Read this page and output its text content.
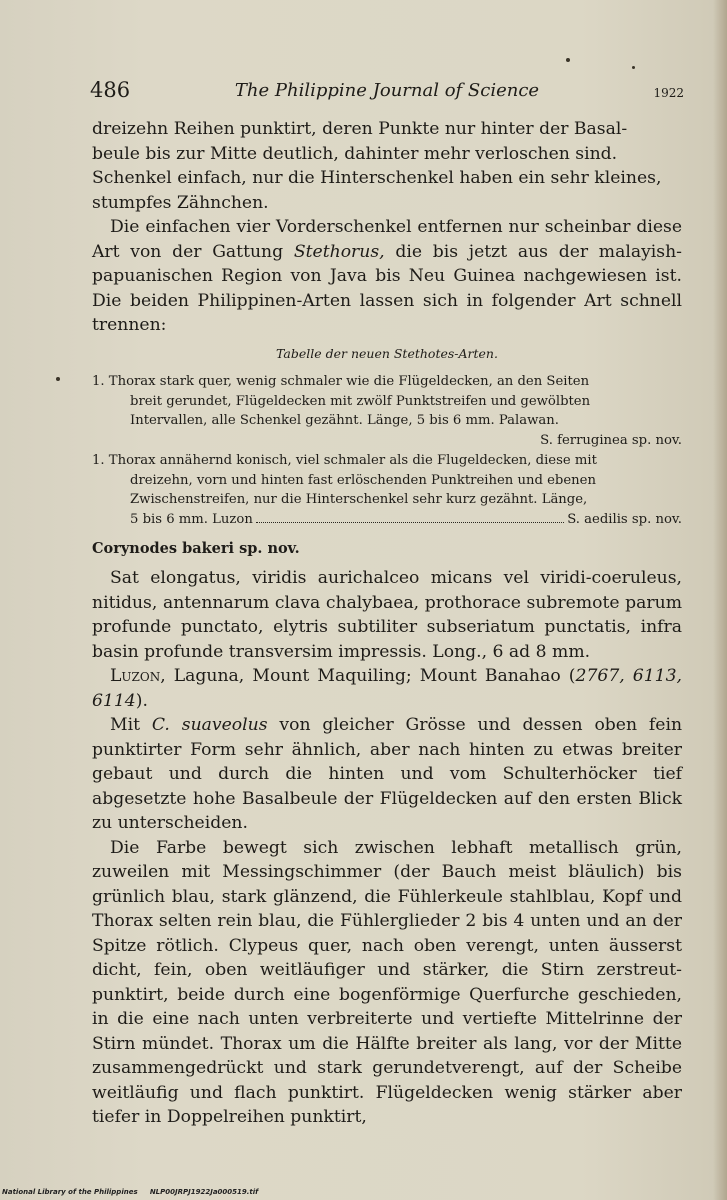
486	The Philippine Journal of Science	1922

dreizehn Reihen punktirt, deren Punkte nur hinter der Basal-
beule bis zur Mitte deutlich, dahinter mehr verloschen sind.
Schenkel einfach, nur die Hinterschenkel haben ein sehr kleines,
stumpfes Zähnchen.

Die einfachen vier Vorderschenkel entfernen nur scheinbar diese Art von der Gattung Stethorus, die bis jetzt aus der malayish-papuanischen Region von Java bis Neu Guinea nachgewiesen ist. Die beiden Philippinen-Arten lassen sich in folgender Art schnell trennen:

Tabelle der neuen Stethotes-Arten.
1. Thorax stark quer, wenig schmaler wie die Flügeldecken, an den Seiten
breit gerundet, Flügeldecken mit zwölf Punktstreifen und gewölbten
Intervallen, alle Schenkel gezähnt. Länge, 5 bis 6 mm. Palawan.
S. ferruginea sp. nov.
1. Thorax annähernd konisch, viel schmaler als die Flugeldecken, diese mit
dreizehn, vorn und hinten fast erlöschenden Punktreihen und ebenen
Zwischenstreifen, nur die Hinterschenkel sehr kurz gezähnt. Länge,
5 bis 6 mm. Luzon	S. aedilis sp. nov.
Corynodes bakeri sp. nov.

Sat elongatus, viridis aurichalceo micans vel viridi-coeruleus, nitidus, antennarum clava chalybaea, prothorace subremote parum profunde punctato, elytris subtiliter subseriatum punctatis, infra basin profunde transversim impressis. Long., 6 ad 8 mm.

Luzon, Laguna, Mount Maquiling; Mount Banahao (2767, 6113, 6114).

Mit C. suaveolus von gleicher Grösse und dessen oben fein punktirter Form sehr ähnlich, aber nach hinten zu etwas breiter gebaut und durch die hinten und vom Schulterhöcker tief abgesetzte hohe Basalbeule der Flügeldecken auf den ersten Blick zu unterscheiden.

Die Farbe bewegt sich zwischen lebhaft metallisch grün, zuweilen mit Messingschimmer (der Bauch meist bläulich) bis grünlich blau, stark glänzend, die Fühlerkeule stahlblau, Kopf und Thorax selten rein blau, die Fühlerglieder 2 bis 4 unten und an der Spitze rötlich. Clypeus quer, nach oben verengt, unten äusserst dicht, fein, oben weitläufiger und stärker, die Stirn zerstreut-punktirt, beide durch eine bogenförmige Querfurche geschieden, in die eine nach unten verbreiterte und vertiefte Mittelrinne der Stirn mündet. Thorax um die Hälfte breiter als lang, vor der Mitte zusammengedrückt und stark gerundetverengt, auf der Scheibe weitläufig und flach punktirt. Flügeldecken wenig stärker aber tiefer in Doppelreihen punktirt,

National Library of the Philippines NLP00JRPJ1922Ja000519.tif
